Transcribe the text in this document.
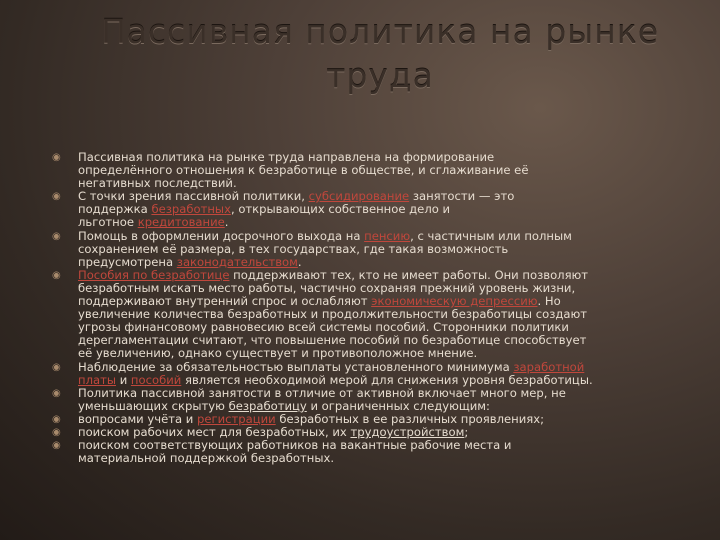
Пассивная политика на рынке труда
◉ Пассивная политика на рынке труда направлена на формирование
определённого отношения к безработице в обществе, и сглаживание её
негативных последствий.
◉ С точки зрения пассивной политики, субсидирование занятости — это
поддержка безработных, открывающих собственное дело и
льготное кредитование.
◉ Помощь в оформлении досрочного выхода на пенсию, с частичным или полным
сохранением её размера, в тех государствах, где такая возможность
предусмотрена законодательством.
◉ Пособия по безработице поддерживают тех, кто не имеет работы. Они позволяют
безработным искать место работы, частично сохраняя прежний уровень жизни,
поддерживают внутренний спрос и ослабляют экономическую депрессию. Но
увеличение количества безработных и продолжительности безработицы создают
угрозы финансовому равновесию всей системы пособий. Сторонники политики
дерегламентации считают, что повышение пособий по безработице способствует
её увеличению, однако существует и противоположное мнение.
◉ Наблюдение за обязательностью выплаты установленного минимума заработной
платы и пособий является необходимой мерой для снижения уровня безработицы.
◉ Политика пассивной занятости в отличие от активной включает много мер, не
уменьшающих скрытую безработицу и ограниченных следующим:
◉ вопросами учёта и регистрации безработных в ее различных проявлениях;
◉ поиском рабочих мест для безработных, их трудоустройством;
◉ поиском соответствующих работников на вакантные рабочие места и
материальной поддержкой безработных.
